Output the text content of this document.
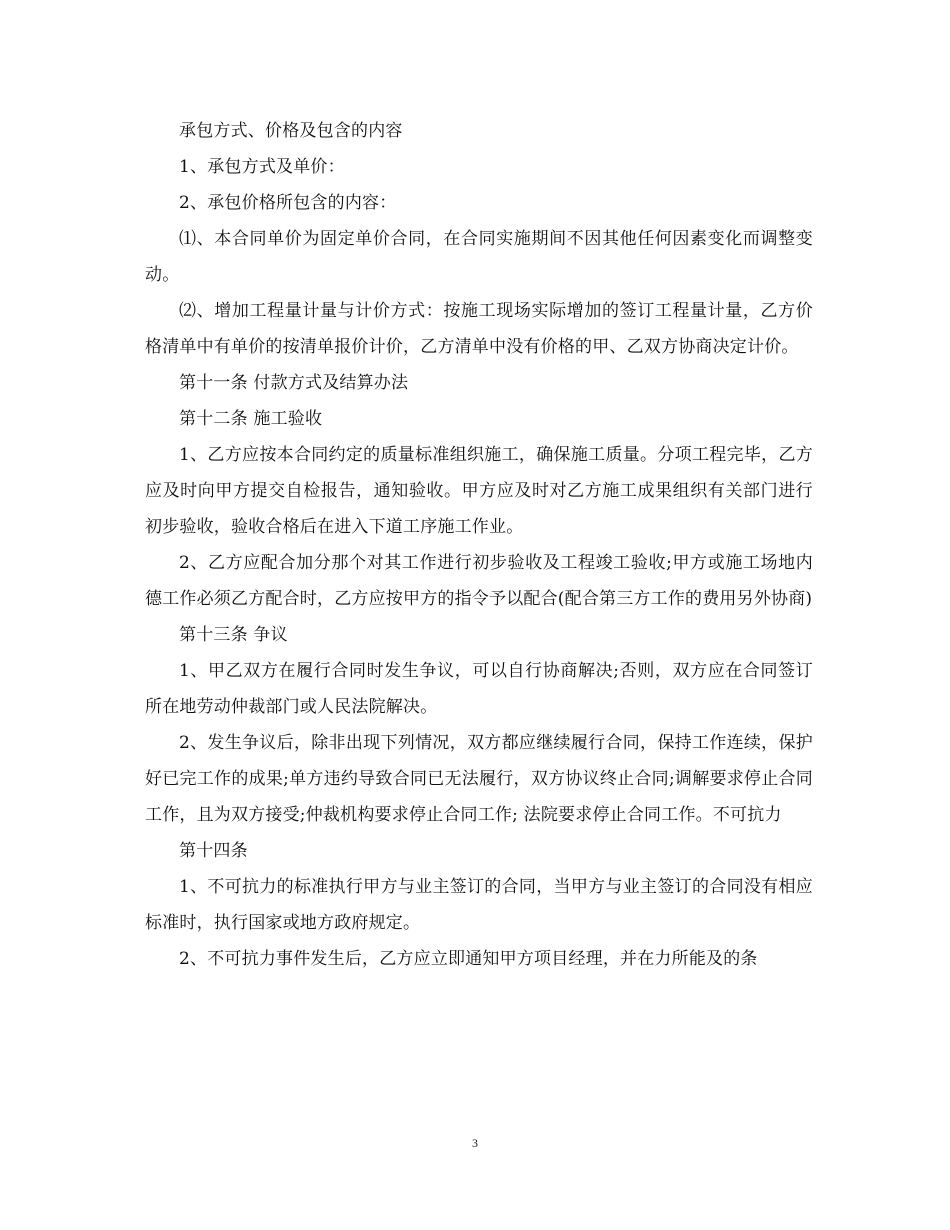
承包方式、价格及包含的内容

1、承包方式及单价：

2、承包价格所包含的内容：

⑴、本合同单价为固定单价合同，在合同实施期间不因其他任何因素变化而调整变动。

⑵、增加工程量计量与计价方式：按施工现场实际增加的签订工程量计量，乙方价格清单中有单价的按清单报价计价，乙方清单中没有价格的甲、乙双方协商决定计价。

第十一条 付款方式及结算办法

第十二条 施工验收

1、乙方应按本合同约定的质量标准组织施工，确保施工质量。分项工程完毕，乙方应及时向甲方提交自检报告，通知验收。甲方应及时对乙方施工成果组织有关部门进行初步验收，验收合格后在进入下道工序施工作业。

2、乙方应配合加分那个对其工作进行初步验收及工程竣工验收;甲方或施工场地内德工作必须乙方配合时，乙方应按甲方的指令予以配合(配合第三方工作的费用另外协商)

第十三条 争议

1、甲乙双方在履行合同时发生争议，可以自行协商解决;否则，双方应在合同签订所在地劳动仲裁部门或人民法院解决。

2、发生争议后，除非出现下列情况，双方都应继续履行合同，保持工作连续，保护好已完工作的成果;单方违约导致合同已无法履行，双方协议终止合同;调解要求停止合同工作，且为双方接受;仲裁机构要求停止合同工作; 法院要求停止合同工作。不可抗力

第十四条

1、不可抗力的标准执行甲方与业主签订的合同，当甲方与业主签订的合同没有相应标准时，执行国家或地方政府规定。

2、不可抗力事件发生后，乙方应立即通知甲方项目经理，并在力所能及的条

3
